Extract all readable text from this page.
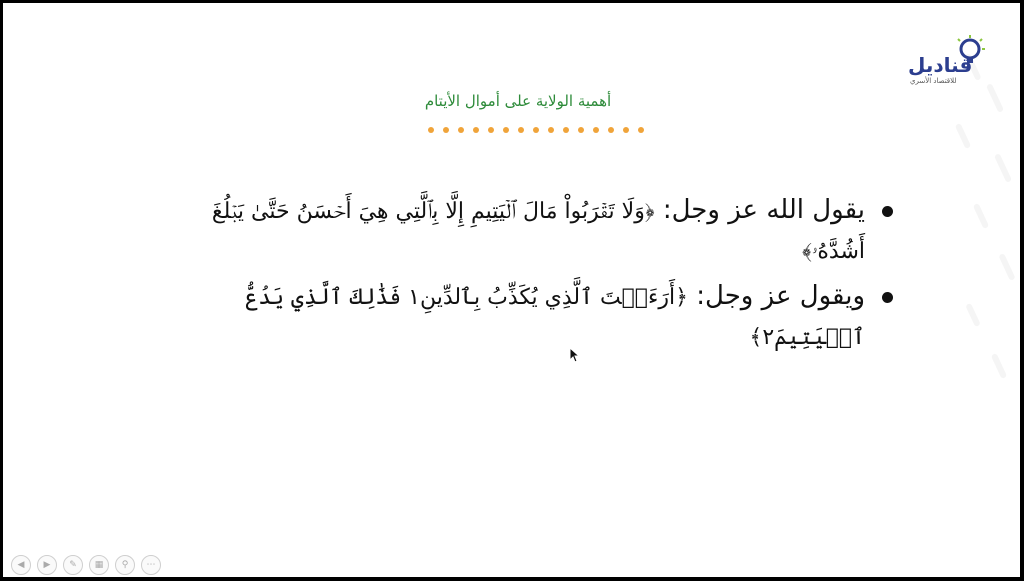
قناديل
للاقتصاد الأسري
أهمية الولاية على أموال الأيتام
يقول الله عز وجل: ﴿وَلَا تَقۡرَبُواْ مَالَ ٱلۡيَتِيمِ إِلَّا بِٱلَّتِي هِيَ أَحۡسَنُ حَتَّىٰ يَبۡلُغَ أَشُدَّهُۥ﴾
ويقول عز وجل: ﴿أَرَءَيۡتَ ٱلَّذِي يُكَذِّبُ بِٱلدِّينِ١ فَذَٰلِكَ ٱلَّذِي يَدُعُّ ٱلۡيَتِيمَ٢﴾
◀ ▶ ✎ ▦ ⚲ ⋯
